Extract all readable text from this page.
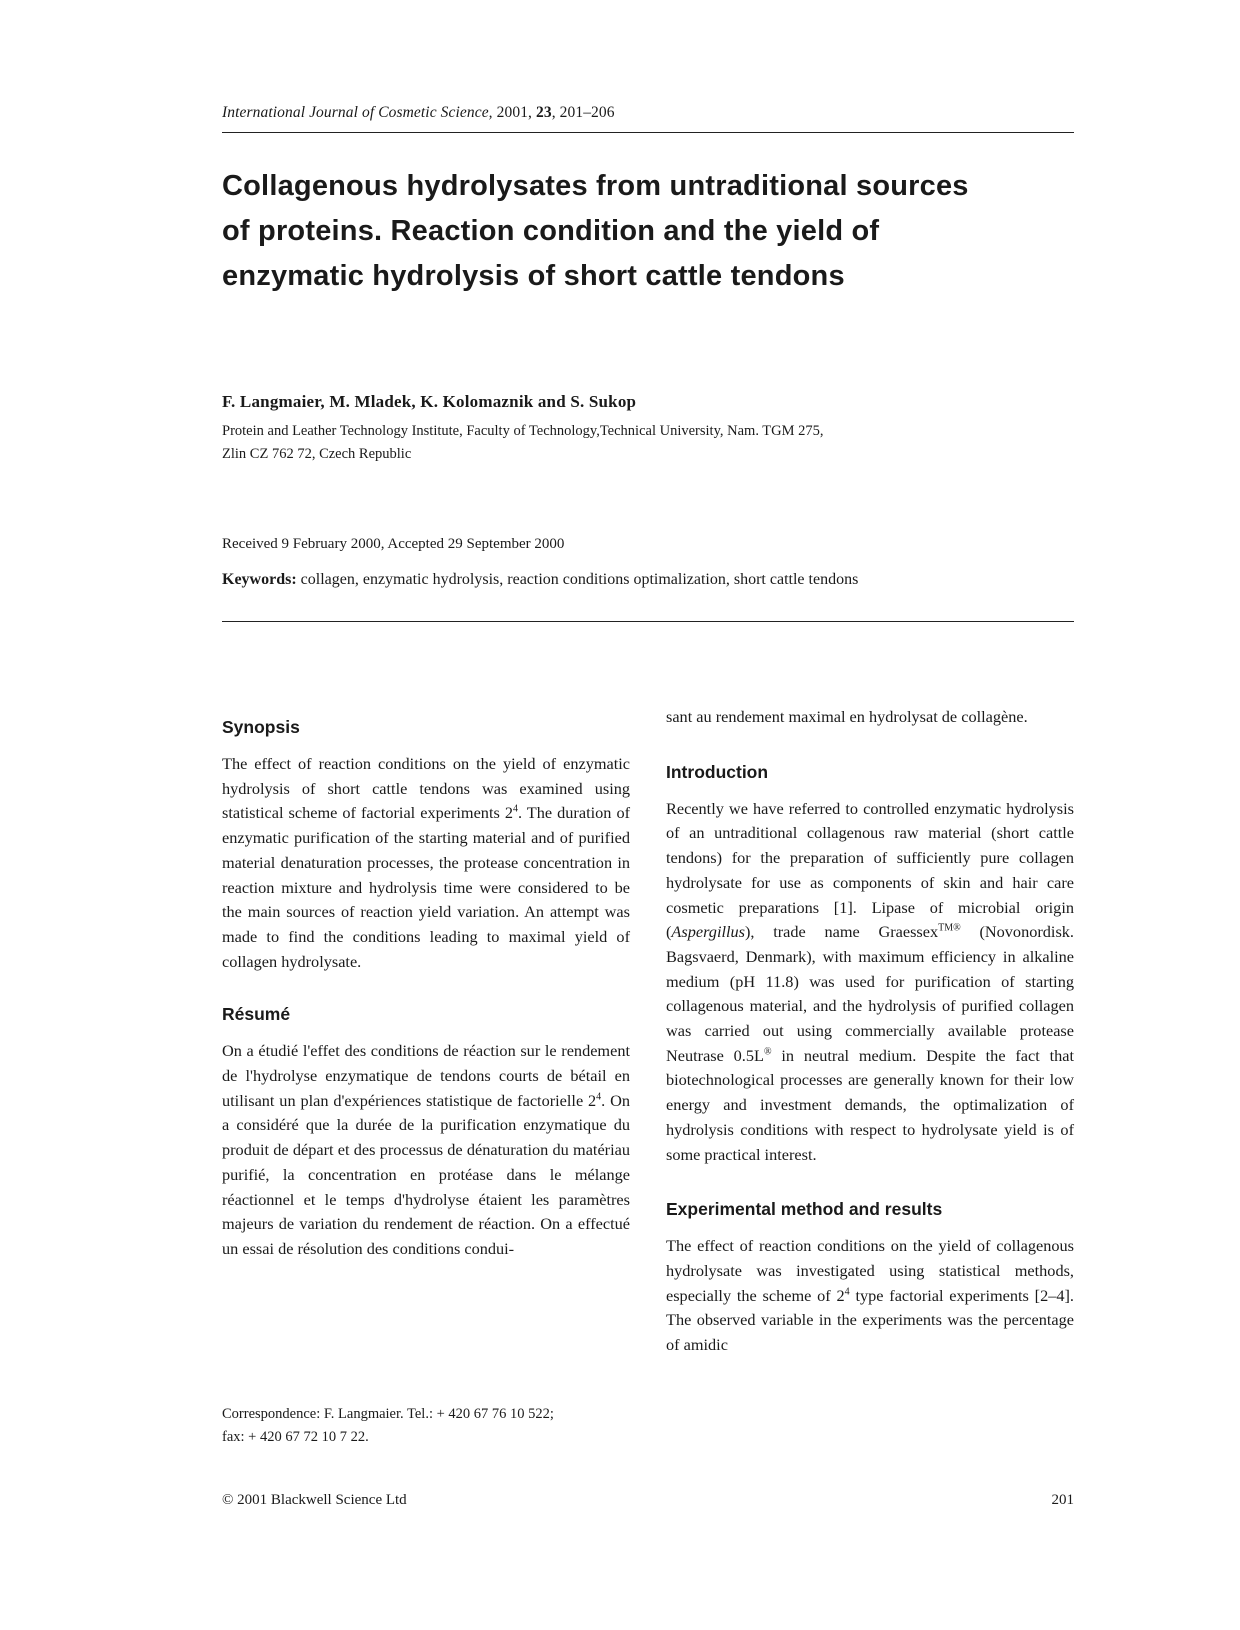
International Journal of Cosmetic Science, 2001, 23, 201–206
Collagenous hydrolysates from untraditional sources of proteins. Reaction condition and the yield of enzymatic hydrolysis of short cattle tendons
F. Langmaier, M. Mladek, K. Kolomaznik and S. Sukop
Protein and Leather Technology Institute, Faculty of Technology,Technical University, Nam. TGM 275,
Zlin CZ 762 72, Czech Republic
Received 9 February 2000, Accepted 29 September 2000
Keywords: collagen, enzymatic hydrolysis, reaction conditions optimalization, short cattle tendons
Synopsis

The effect of reaction conditions on the yield of enzymatic hydrolysis of short cattle tendons was examined using statistical scheme of factorial experiments $2^4$. The duration of enzymatic purification of the starting material and of purified material denaturation processes, the protease concentration in reaction mixture and hydrolysis time were considered to be the main sources of reaction yield variation. An attempt was made to find the conditions leading to maximal yield of collagen hydrolysate.

Résumé

On a étudié l'effet des conditions de réaction sur le rendement de l'hydrolyse enzymatique de tendons courts de bétail en utilisant un plan d'expériences statistique de factorielle $2^4$. On a considéré que la durée de la purification enzymatique du produit de départ et des processus de dénaturation du matériau purifié, la concentration en protéase dans le mélange réactionnel et le temps d'hydrolyse étaient les paramètres majeurs de variation du rendement de réaction. On a effectué un essai de résolution des conditions condui-

sant au rendement maximal en hydrolysat de collagène.

Introduction

Recently we have referred to controlled enzymatic hydrolysis of an untraditional collagenous raw material (short cattle tendons) for the preparation of sufficiently pure collagen hydrolysate for use as components of skin and hair care cosmetic preparations [1]. Lipase of microbial origin (Aspergillus), trade name Graessex$^{TM®}$ (Novonordisk. Bagsvaerd, Denmark), with maximum efficiency in alkaline medium (pH 11.8) was used for purification of starting collagenous material, and the hydrolysis of purified collagen was carried out using commercially available protease Neutrase 0.5L® in neutral medium. Despite the fact that biotechnological processes are generally known for their low energy and investment demands, the optimalization of hydrolysis conditions with respect to hydrolysate yield is of some practical interest.

Experimental method and results

The effect of reaction conditions on the yield of collagenous hydrolysate was investigated using statistical methods, especially the scheme of $2^4$ type factorial experiments [2–4]. The observed variable in the experiments was the percentage of amidic

Correspondence: F. Langmaier. Tel.: + 420 67 76 10 522;
fax: + 420 67 72 10 7 22.
© 2001 Blackwell Science Ltd	201
